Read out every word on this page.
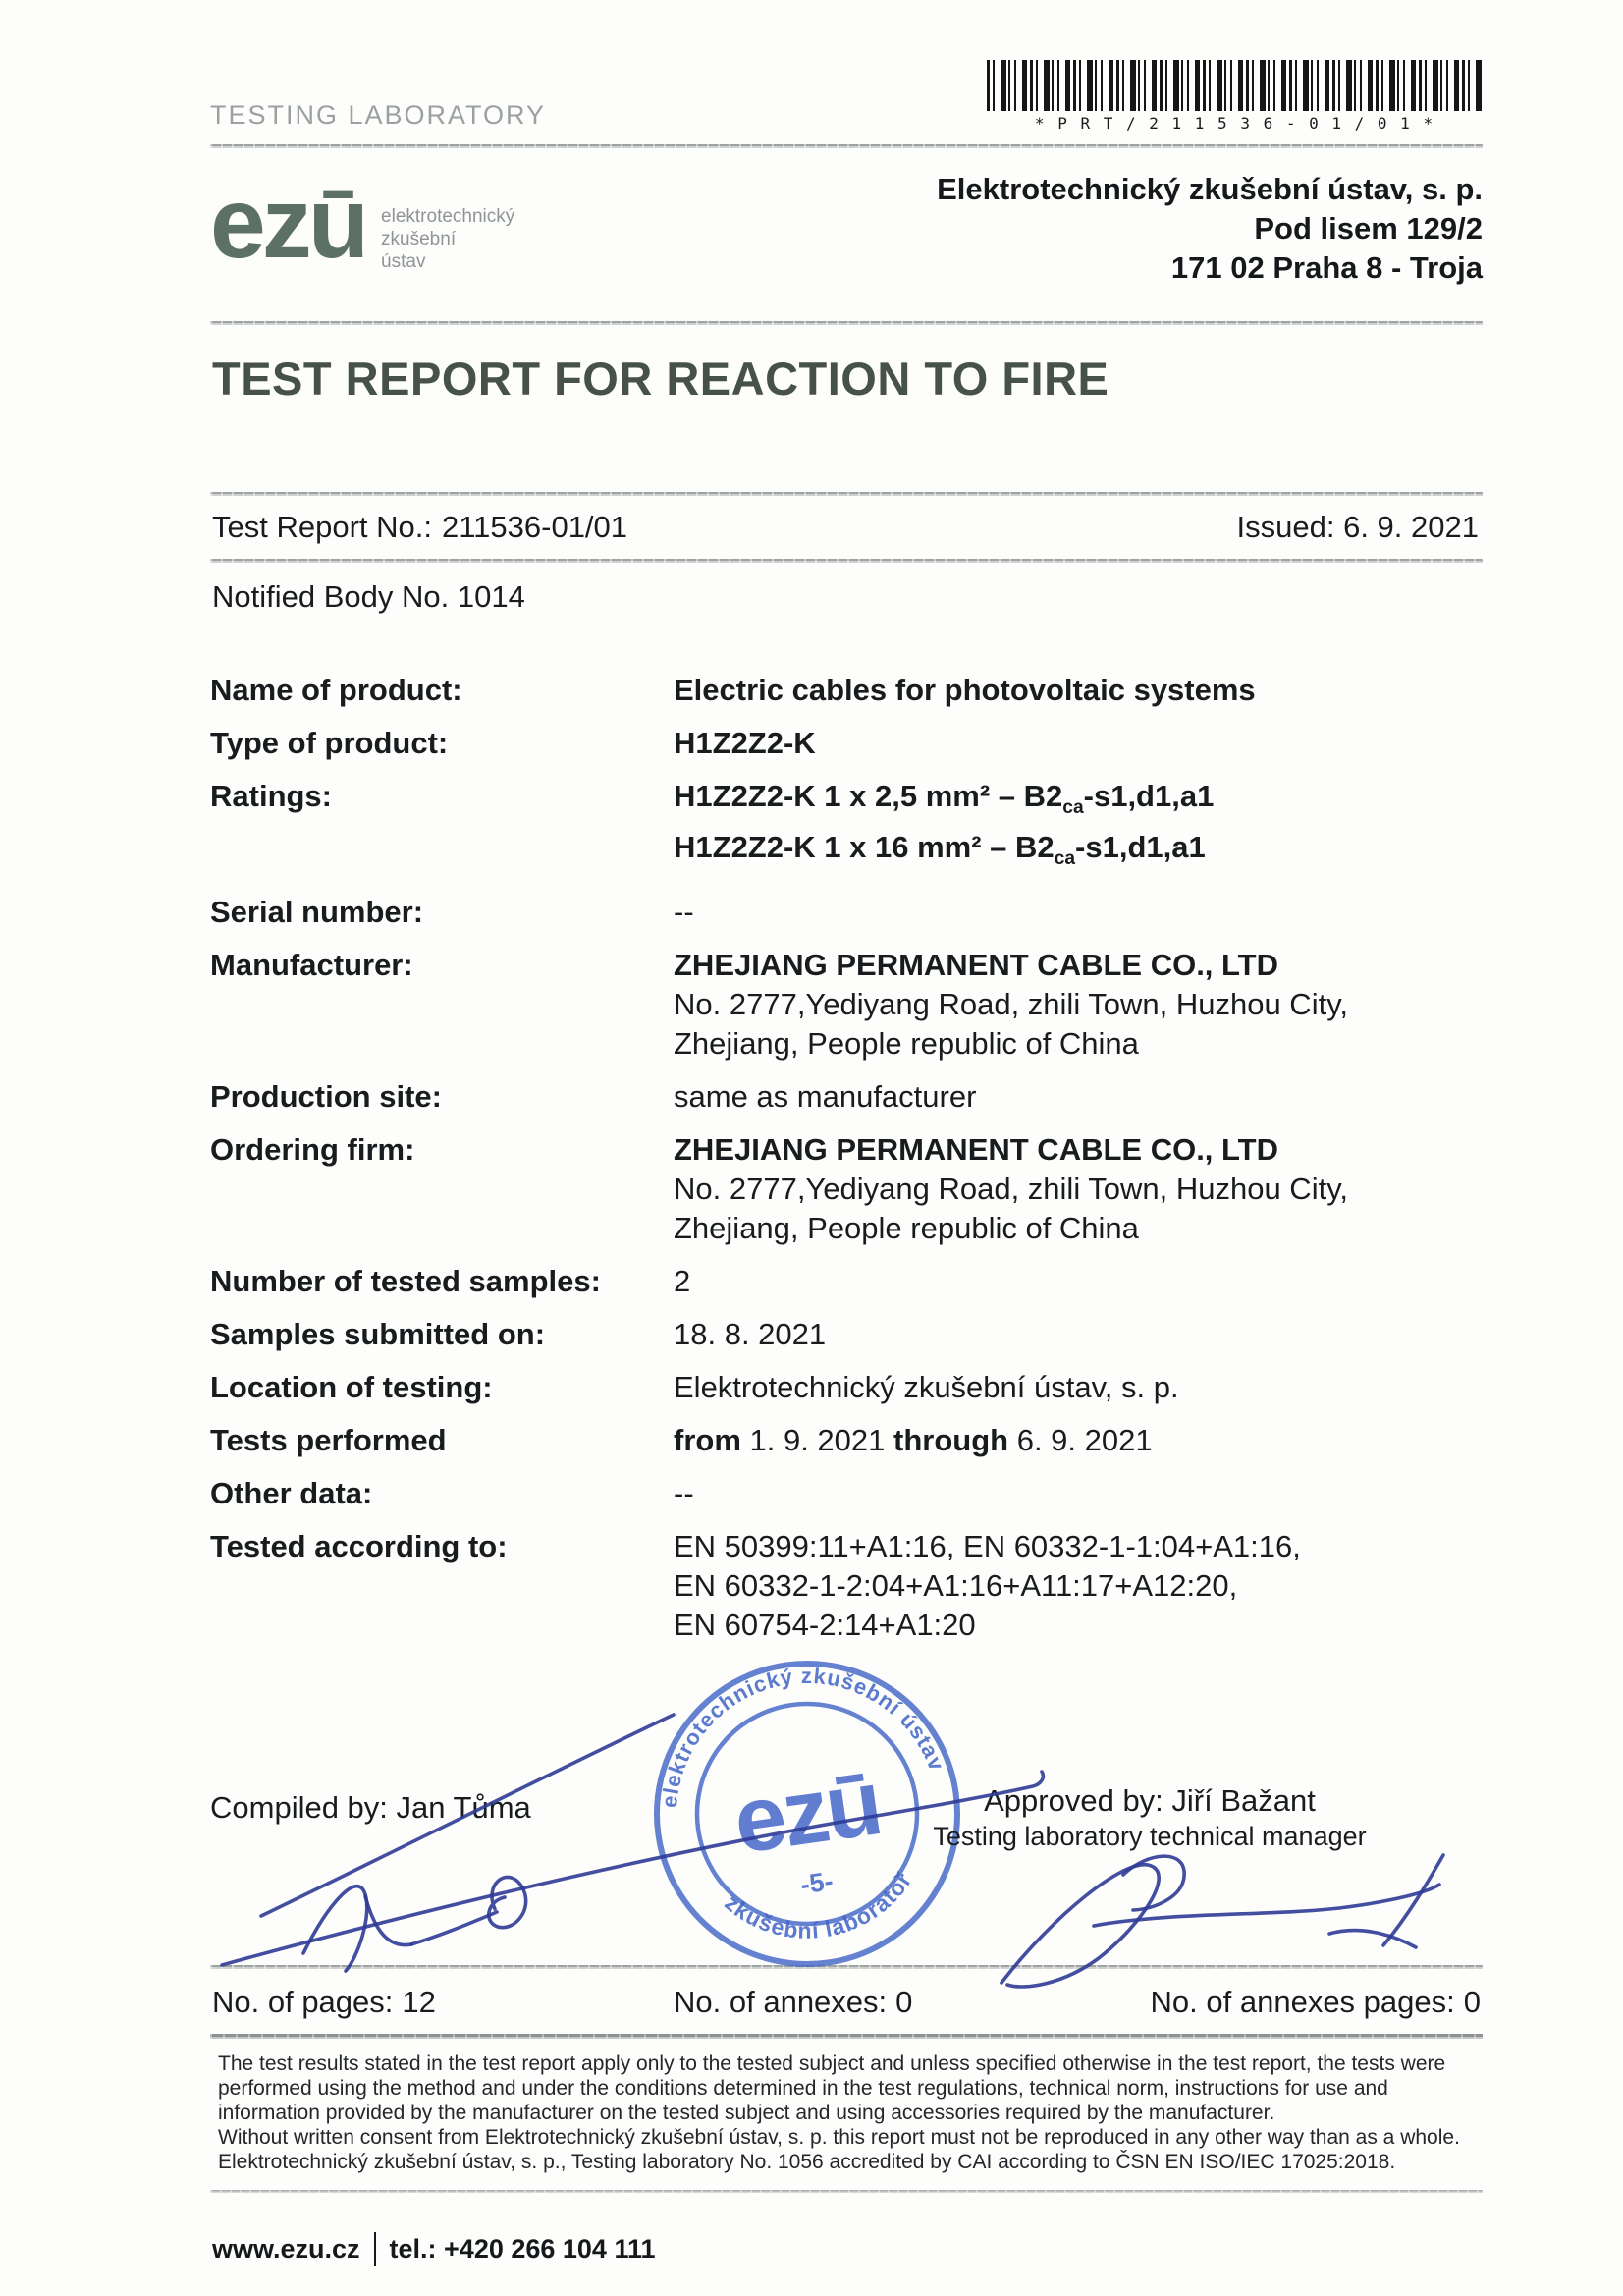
TESTING LABORATORY	* P R T / 2 1 1 5 3 6 - 0 1 / 0 1 *
ezū elektrotechnický
zkušební
ústav
Elektrotechnický zkušební ústav, s. p.
Pod lisem 129/2
171 02 Praha 8 - Troja
TEST REPORT FOR REACTION TO FIRE
Test Report No.: 211536-01/01	Issued: 6. 9. 2021
Notified Body No. 1014
Name of product:	Electric cables for photovoltaic systems
Type of product:	H1Z2Z2-K
Ratings:	H1Z2Z2-K 1 x 2,5 $mm^2 - B2_{ca}-s1,d1,a1$
H1Z2Z2-K 1 x 16 $mm^2 - B2_{ca}-s1,d1,a1$
Serial number:	--
Manufacturer:	ZHEJIANG PERMANENT CABLE CO., LTD
No. 2777,Yediyang Road, zhili Town, Huzhou City,
Zhejiang, People republic of China
Production site:	same as manufacturer
Ordering firm:	ZHEJIANG PERMANENT CABLE CO., LTD
No. 2777,Yediyang Road, zhili Town, Huzhou City,
Zhejiang, People republic of China
Number of tested samples:	2
Samples submitted on:	18. 8. 2021
Location of testing:	Elektrotechnický zkušební ústav, s. p.
Tests performed	from 1. 9. 2021 through 6. 9. 2021
Other data:	--
Tested according to:	EN 50399:11+A1:16, EN 60332-1-1:04+A1:16,
EN 60332-1-2:04+A1:16+A11:17+A12:20,
EN 60754-2:14+A1:20
Compiled by: Jan Tůma	elektrotechnický zkušební ústav
zkušební laboratoř
ezū
-5-
Approved by: Jiří Bažant
Testing laboratory technical manager
No. of pages: 12	No. of annexes: 0	No. of annexes pages: 0

The test results stated in the test report apply only to the tested subject and unless specified otherwise in the test report, the tests were performed using the method and under the conditions determined in the test regulations, technical norm, instructions for use and information provided by the manufacturer on the tested subject and using accessories required by the manufacturer.

Without written consent from Elektrotechnický zkušební ústav, s. p. this report must not be reproduced in any other way than as a whole.
Elektrotechnický zkušební ústav, s. p., Testing laboratory No. 1056 accredited by CAI according to ČSN EN ISO/IEC 17025:2018.

www.ezu.cz tel.: +420 266 104 111
